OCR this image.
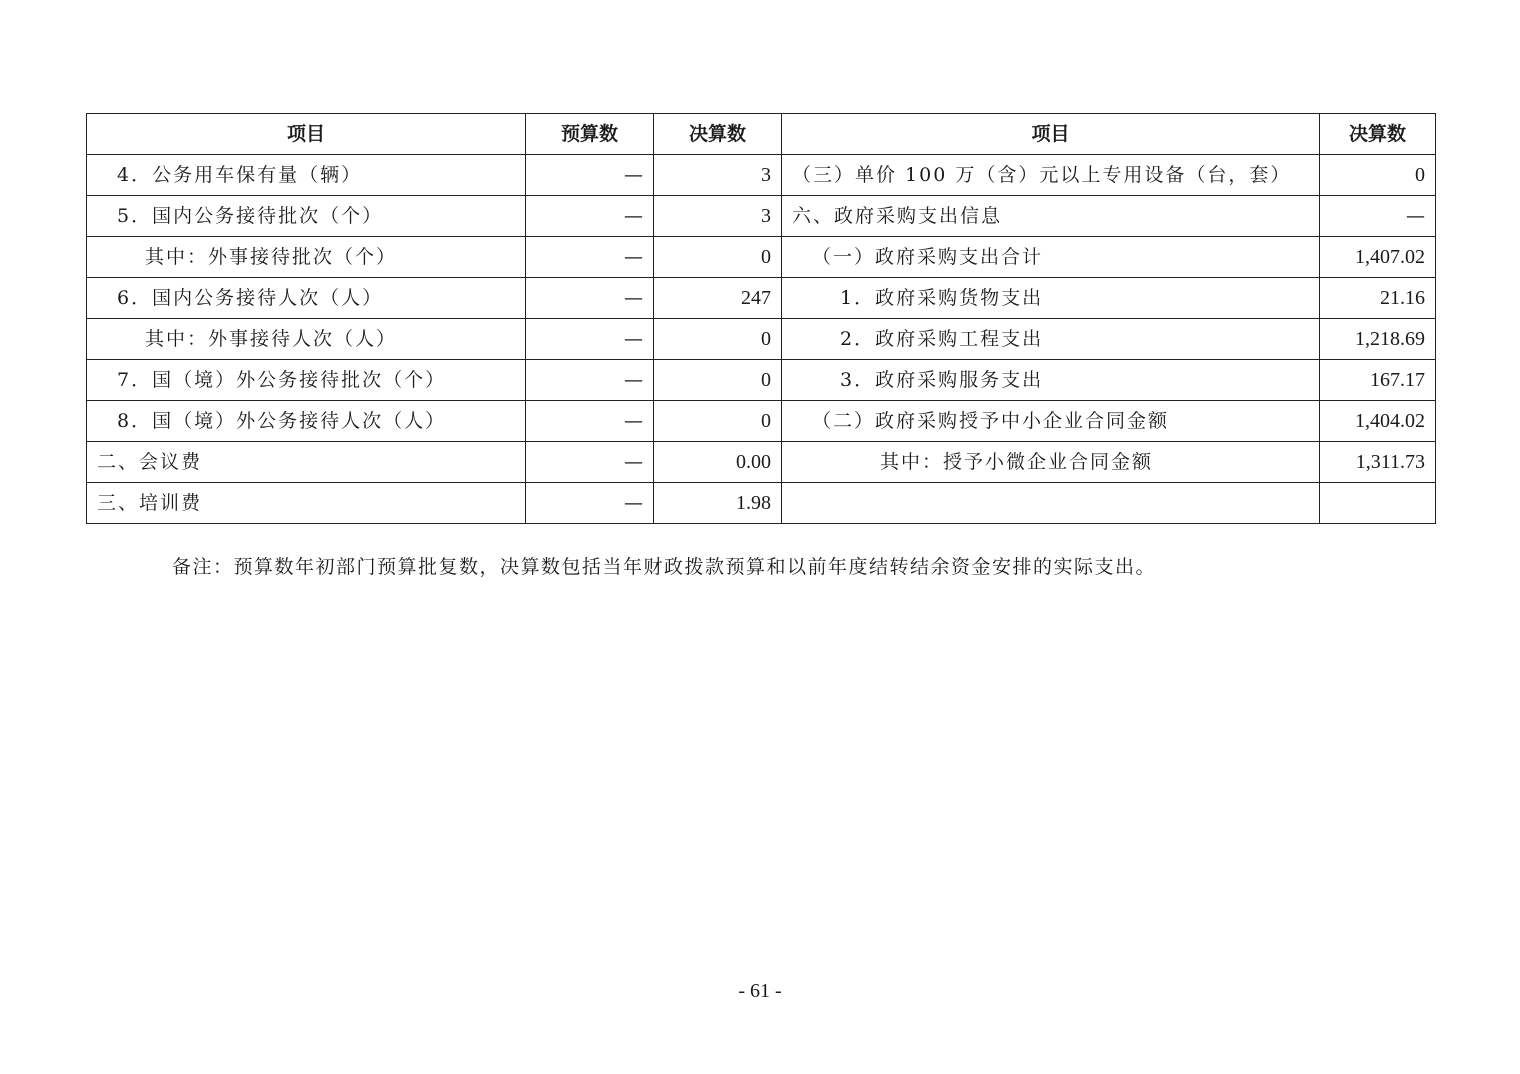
项目	预算数	决算数	项目	决算数
4．公务用车保有量（辆）	—	3	（三）单价 100 万（含）元以上专用设备（台，套）	0
5．国内公务接待批次（个）	—	3	六、政府采购支出信息	—
其中：外事接待批次（个）	—	0	（一）政府采购支出合计	1,407.02
6．国内公务接待人次（人）	—	247	1．政府采购货物支出	21.16
其中：外事接待人次（人）	—	0	2．政府采购工程支出	1,218.69
7．国（境）外公务接待批次（个）	—	0	3．政府采购服务支出	167.17
8．国（境）外公务接待人次（人）	—	0	（二）政府采购授予中小企业合同金额	1,404.02
二、会议费	—	0.00	其中：授予小微企业合同金额	1,311.73
三、培训费	—	1.98		
备注：预算数年初部门预算批复数，决算数包括当年财政拨款预算和以前年度结转结余资金安排的实际支出。
- 61 -
